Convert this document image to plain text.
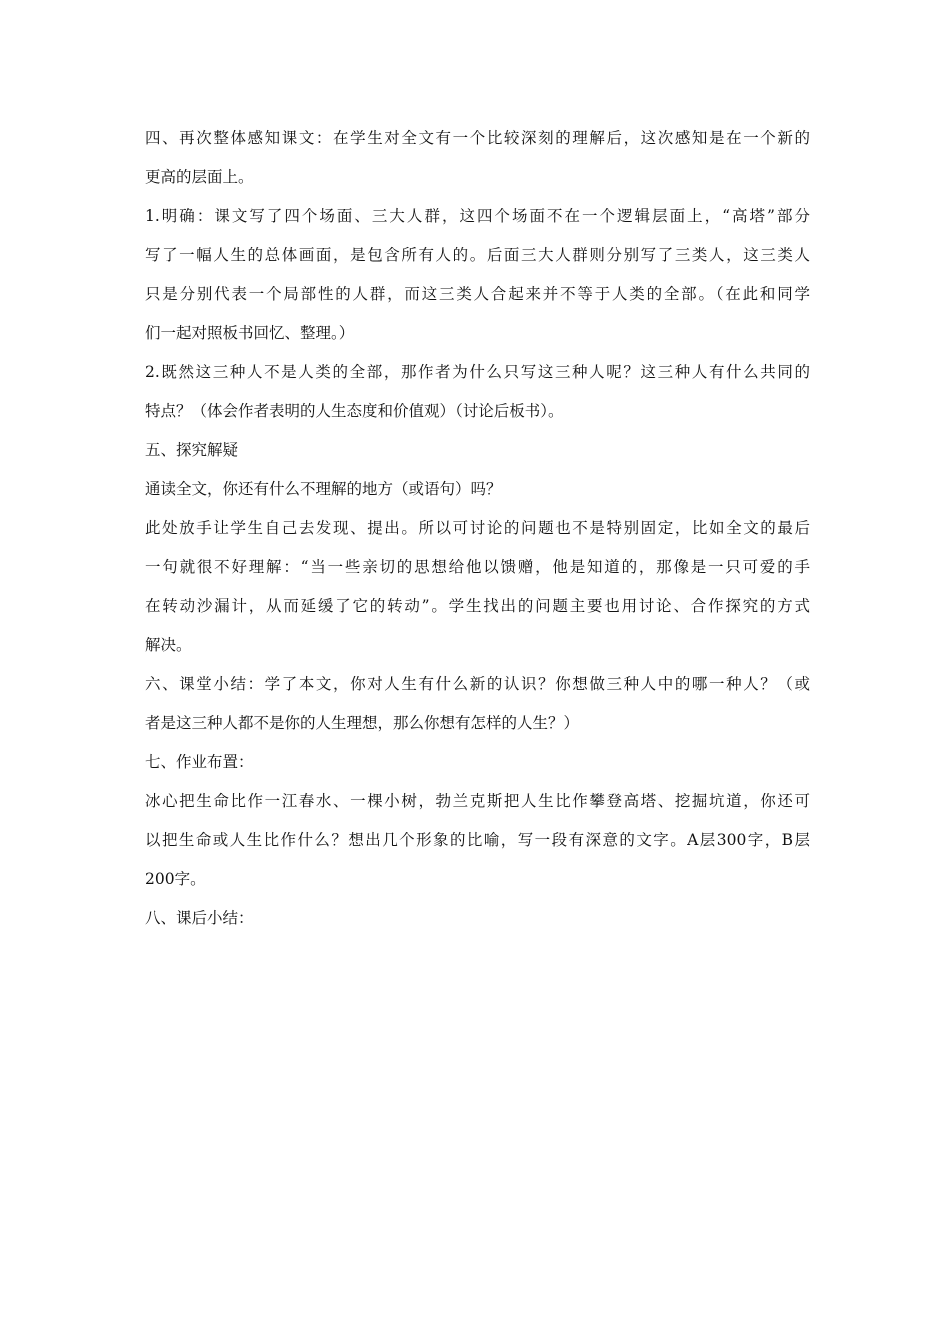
四、再次整体感知课文：在学生对全文有一个比较深刻的理解后，这次感知是在一个新的
更高的层面上。
1.明确：课文写了四个场面、三大人群，这四个场面不在一个逻辑层面上，“高塔”部分
写了一幅人生的总体画面，是包含所有人的。后面三大人群则分别写了三类人，这三类人
只是分别代表一个局部性的人群，而这三类人合起来并不等于人类的全部。（在此和同学
们一起对照板书回忆、整理。）
2.既然这三种人不是人类的全部，那作者为什么只写这三种人呢？这三种人有什么共同的
特点？（体会作者表明的人生态度和价值观）（讨论后板书）。
五、探究解疑
通读全文，你还有什么不理解的地方（或语句）吗？
此处放手让学生自己去发现、提出。所以可讨论的问题也不是特别固定，比如全文的最后
一句就很不好理解：“当一些亲切的思想给他以馈赠，他是知道的，那像是一只可爱的手
在转动沙漏计，从而延缓了它的转动”。学生找出的问题主要也用讨论、合作探究的方式
解决。
六、课堂小结：学了本文，你对人生有什么新的认识？你想做三种人中的哪一种人？（或
者是这三种人都不是你的人生理想，那么你想有怎样的人生？）
七、作业布置：
冰心把生命比作一江春水、一棵小树，勃兰克斯把人生比作攀登高塔、挖掘坑道，你还可
以把生命或人生比作什么？想出几个形象的比喻，写一段有深意的文字。A层300字，B层
200字。
八、课后小结：
